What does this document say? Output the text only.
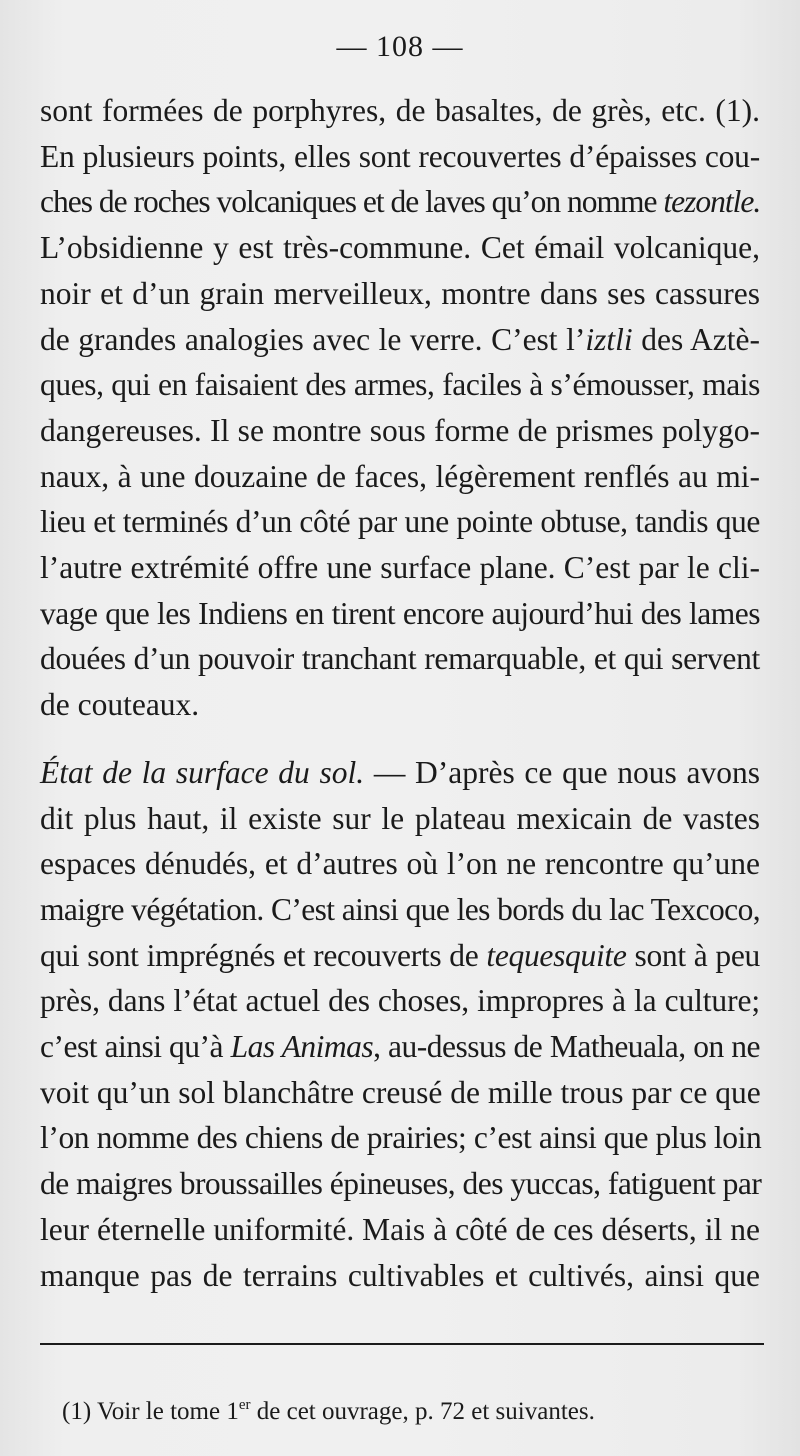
— 108 —

sont formées de porphyres, de basaltes, de grès, etc. (1).
En plusieurs points, elles sont recouvertes d’épaisses cou-
ches de roches volcaniques et de laves qu’on nomme tezontle.
L’obsidienne y est très-commune. Cet émail volcanique,
noir et d’un grain merveilleux, montre dans ses cassures
de grandes analogies avec le verre. C’est l’iztli des Aztè-
ques, qui en faisaient des armes, faciles à s’émousser, mais
dangereuses. Il se montre sous forme de prismes polygo-
naux, à une douzaine de faces, légèrement renflés au mi-
lieu et terminés d’un côté par une pointe obtuse, tandis que
l’autre extrémité offre une surface plane. C’est par le cli-
vage que les Indiens en tirent encore aujourd’hui des lames
douées d’un pouvoir tranchant remarquable, et qui servent
de couteaux.

État de la surface du sol. — D’après ce que nous avons
dit plus haut, il existe sur le plateau mexicain de vastes
espaces dénudés, et d’autres où l’on ne rencontre qu’une
maigre végétation. C’est ainsi que les bords du lac Texcoco,
qui sont imprégnés et recouverts de tequesquite sont à peu
près, dans l’état actuel des choses, impropres à la culture;
c’est ainsi qu’à Las Animas, au-dessus de Matheuala, on ne
voit qu’un sol blanchâtre creusé de mille trous par ce que
l’on nomme des chiens de prairies; c’est ainsi que plus loin
de maigres broussailles épineuses, des yuccas, fatiguent par
leur éternelle uniformité. Mais à côté de ces déserts, il ne
manque pas de terrains cultivables et cultivés, ainsi que

(1) Voir le tome 1er de cet ouvrage, p. 72 et suivantes.
